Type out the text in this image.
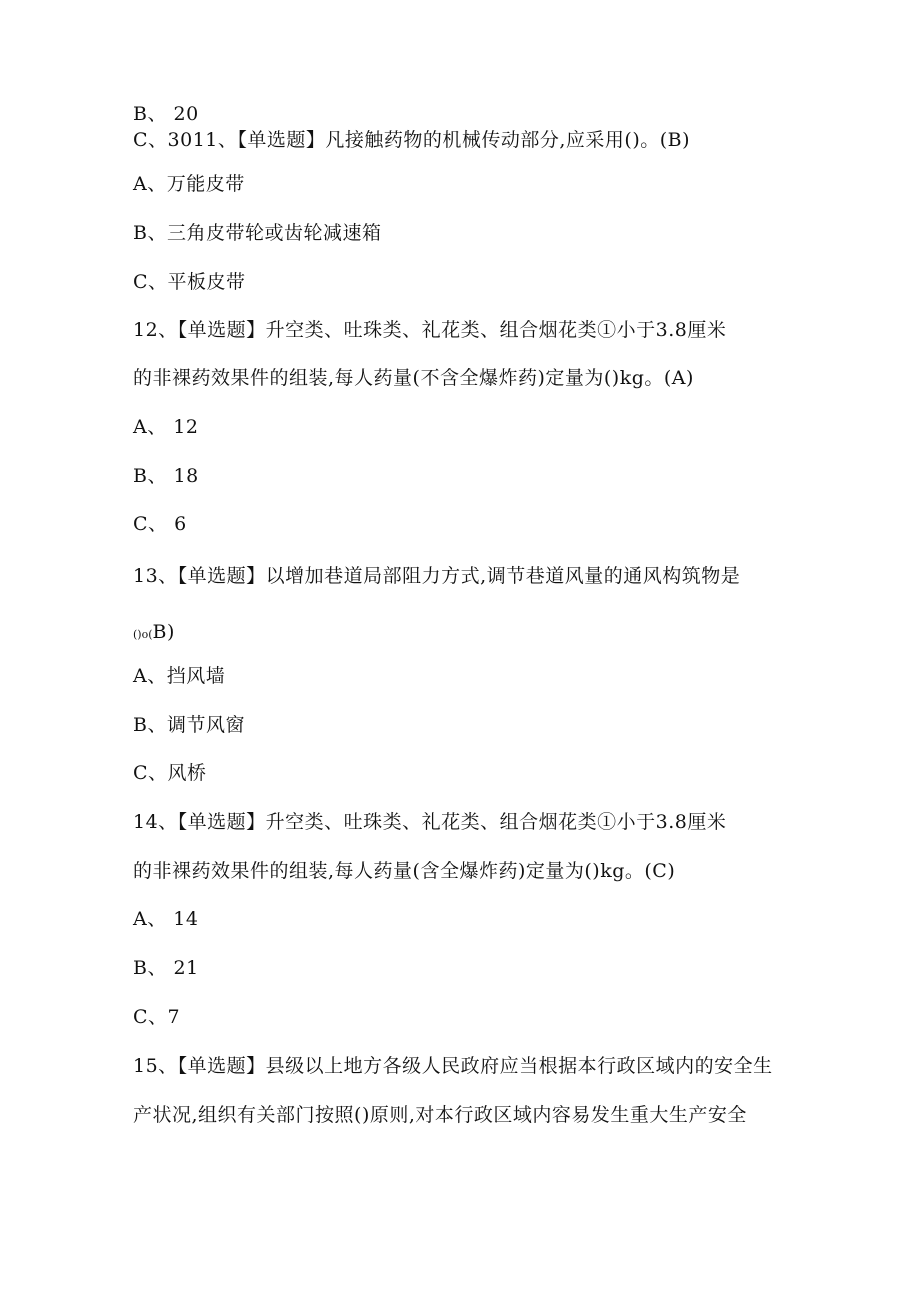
B、 20
C、3011、【单选题】凡接触药物的机械传动部分,应采用()。(B)
A、万能皮带
B、三角皮带轮或齿轮减速箱
C、平板皮带
12、【单选题】升空类、吐珠类、礼花类、组合烟花类①小于3.8厘米
的非裸药效果件的组装,每人药量(不含全爆炸药)定量为()kg。(A)
A、 12
B、 18
C、 6
13、【单选题】以增加巷道局部阻力方式,调节巷道风量的通风构筑物是
()o(B)
A、挡风墙
B、调节风窗
C、风桥
14、【单选题】升空类、吐珠类、礼花类、组合烟花类①小于3.8厘米
的非裸药效果件的组装,每人药量(含全爆炸药)定量为()kg。(C)
A、 14
B、 21
C、7
15、【单选题】县级以上地方各级人民政府应当根据本行政区域内的安全生
产状况,组织有关部门按照()原则,对本行政区域内容易发生重大生产安全
